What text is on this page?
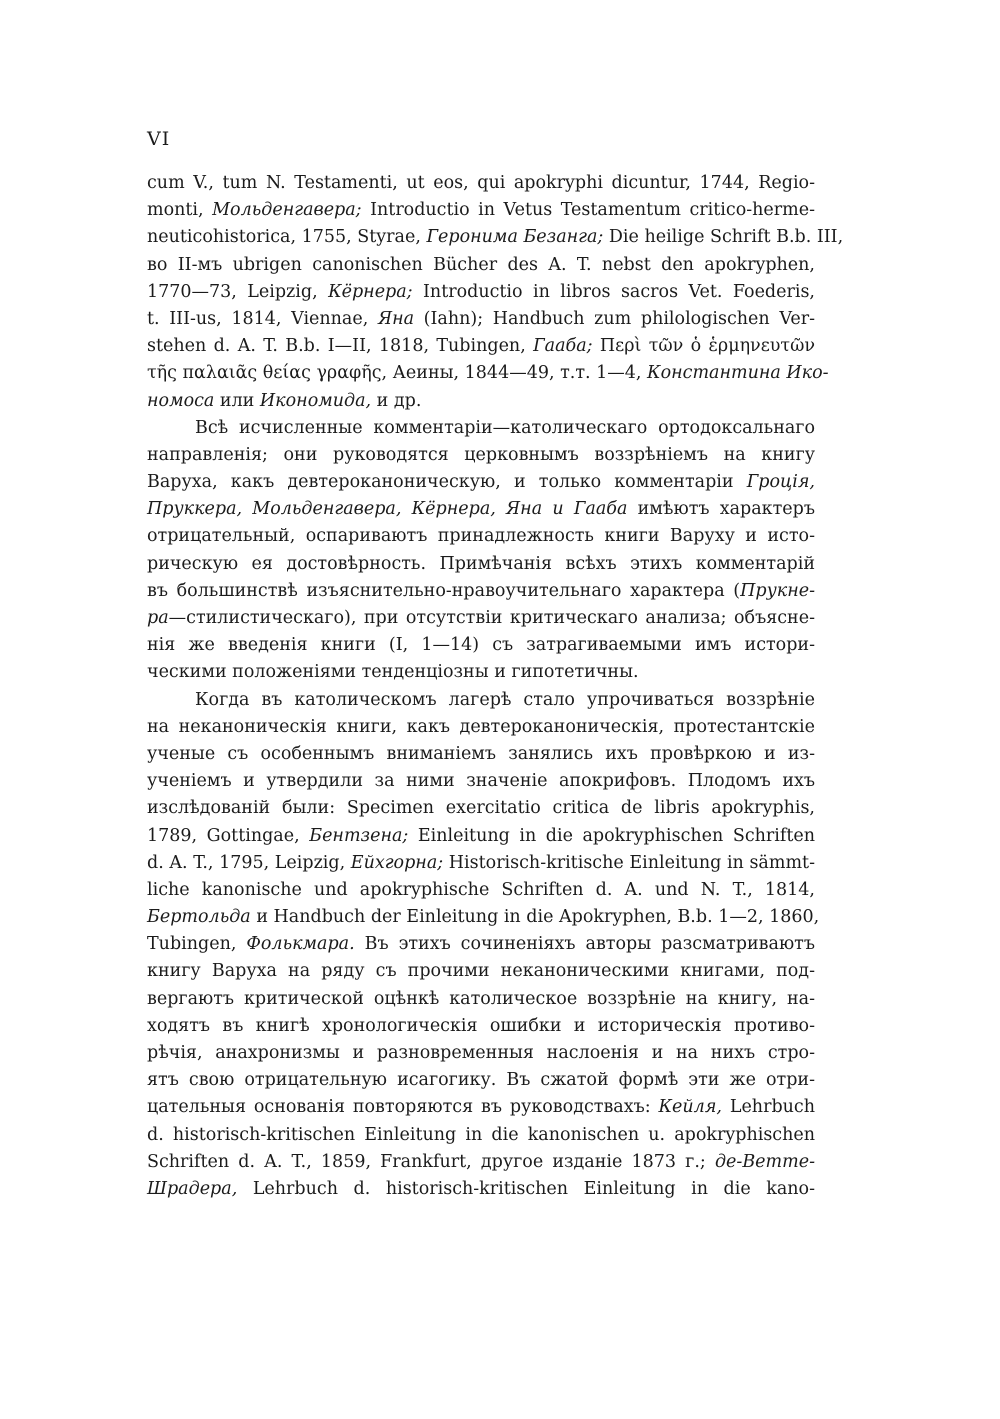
VI
cum V., tum N. Testamenti, ut eos, qui apokryphi dicuntur, 1744, Regio-
monti, Мольденгавера; Introductio in Vetus Testamentum critico-herme-
neuticohistorica, 1755, Styrae, Геронима Безанга; Die heilige Schrift B.b. III,
во II-мъ ubrigen canonischen Bücher des A. T. nebst den apokryphen,
1770—73, Leipzig, Кёрнера; Introductio in libros sacros Vet. Foederis,
t. III-us, 1814, Viennae, Яна (Iahn); Handbuch zum philologischen Ver-
stehen d. A. T. B.b. I—II, 1818, Tubingen, Гааба; Περὶ τῶν ὁ ἑρμηνευτῶν
τῆς παλαιᾶς θείας γραφῆς, Аеины, 1844—49, т.т. 1—4, Константина Ико-
номоса или Икономида, и др.
Всѣ исчисленные комментаріи—католическаго ортодоксальнаго
направленія; они руководятся церковнымъ воззрѣніемъ на книгу
Варуха, какъ девтероканоническую, и только комментаріи Гроція,
Пруккера, Мольденгавера, Кёрнера, Яна и Гааба имѣютъ характеръ
отрицательный, оспариваютъ принадлежность книги Варуху и исто-
рическую ея достовѣрность. Примѣчанія всѣхъ этихъ комментарій
въ большинствѣ изъяснительно-нравоучительнаго характера (Прукне-
ра—стилистическаго), при отсутствіи критическаго анализа; объясне-
нія же введенія книги (I, 1—14) съ затрагиваемыми имъ истори-
ческими положеніями тенденціозны и гипотетичны.
Когда въ католическомъ лагерѣ стало упрочиваться воззрѣніе
на неканоническія книги, какъ девтероканоническія, протестантскіе
ученые съ особеннымъ вниманіемъ занялись ихъ провѣркою и из-
ученіемъ и утвердили за ними значеніе апокрифовъ. Плодомъ ихъ
изслѣдованій были: Specimen exercitatio critica de libris apokryphis,
1789, Gottingae, Бентзена; Einleitung in die apokryphischen Schriften
d. A. T., 1795, Leipzig, Ейхгорна; Historisch-kritische Einleitung in sämmt-
liche kanonische und apokryphische Schriften d. A. und N. T., 1814,
Бертольда и Handbuch der Einleitung in die Apokryphen, B.b. 1—2, 1860,
Tubingen, Фолькмара. Въ этихъ сочиненіяхъ авторы разсматриваютъ
книгу Варуха на ряду съ прочими неканоническими книгами, под-
вергаютъ критической оцѣнкѣ католическое воззрѣніе на книгу, на-
ходятъ въ книгѣ хронологическія ошибки и историческія противо-
рѣчія, анахронизмы и разновременныя наслоенія и на нихъ стро-
ятъ свою отрицательную исагогику. Въ сжатой формѣ эти же отри-
цательныя основанія повторяются въ руководствахъ: Кейля, Lehrbuch
d. historisch-kritischen Einleitung in die kanonischen u. apokryphischen
Schriften d. A. T., 1859, Frankfurt, другое изданіе 1873 г.; де-Ветте-
Шрадера, Lehrbuch d. historisch-kritischen Einleitung in die kano-
